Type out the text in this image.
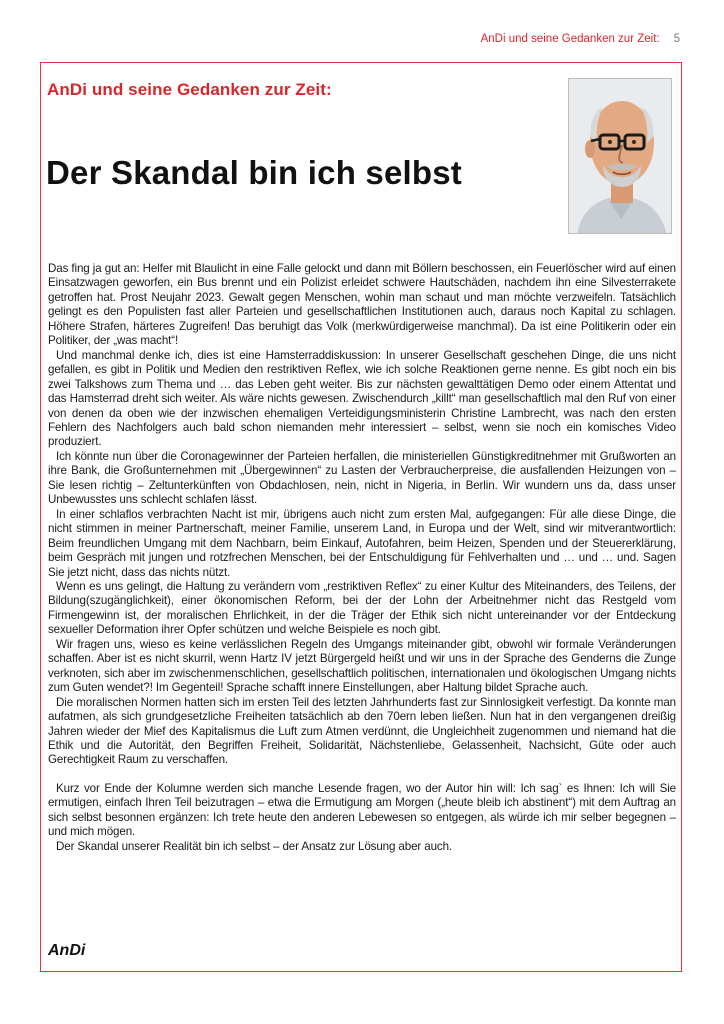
AnDi und seine Gedanken zur Zeit: 5
AnDi und seine Gedanken zur Zeit:
Der Skandal bin ich selbst

Das fing ja gut an: Helfer mit Blaulicht in eine Falle gelockt und dann mit Böllern beschossen, ein Feuerlöscher wird auf einen Einsatzwagen geworfen, ein Bus brennt und ein Polizist erleidet schwere Hautschäden, nachdem ihn eine Silvesterrakete getroffen hat. Prost Neujahr 2023. Gewalt gegen Menschen, wohin man schaut und man möchte verzweifeln. Tatsächlich gelingt es den Populisten fast aller Parteien und gesellschaftlichen Institutionen auch, daraus noch Kapital zu schlagen. Höhere Strafen, härteres Zugreifen! Das beruhigt das Volk (merkwürdigerweise manchmal). Da ist eine Politikerin oder ein Politiker, der „was macht“!

Und manchmal denke ich, dies ist eine Hamsterraddiskussion: In unserer Gesellschaft geschehen Dinge, die uns nicht gefallen, es gibt in Politik und Medien den restriktiven Reflex, wie ich solche Reaktionen gerne nenne. Es gibt noch ein bis zwei Talkshows zum Thema und … das Leben geht weiter. Bis zur nächsten gewalttätigen Demo oder einem Attentat und das Hamsterrad dreht sich weiter. Als wäre nichts gewesen. Zwischendurch „killt“ man gesellschaftlich mal den Ruf von einer von denen da oben wie der inzwischen ehemaligen Verteidigungsministerin Christine Lambrecht, was nach den ersten Fehlern des Nachfolgers auch bald schon niemanden mehr interessiert – selbst, wenn sie noch ein komisches Video produziert.

Ich könnte nun über die Coronagewinner der Parteien herfallen, die ministeriellen Günstigkreditnehmer mit Grußworten an ihre Bank, die Großunternehmen mit „Übergewinnen“ zu Lasten der Verbraucherpreise, die ausfallenden Heizungen von – Sie lesen richtig – Zeltunterkünften von Obdachlosen, nein, nicht in Nigeria, in Berlin. Wir wundern uns da, dass unser Unbewusstes uns schlecht schlafen lässt.

In einer schlaflos verbrachten Nacht ist mir, übrigens auch nicht zum ersten Mal, aufgegangen: Für alle diese Dinge, die nicht stimmen in meiner Partnerschaft, meiner Familie, unserem Land, in Europa und der Welt, sind wir mitverantwortlich: Beim freundlichen Umgang mit dem Nachbarn, beim Einkauf, Autofahren, beim Heizen, Spenden und der Steuererklärung, beim Gespräch mit jungen und rotzfrechen Menschen, bei der Entschuldigung für Fehlverhalten und … und … und. Sagen Sie jetzt nicht, dass das nichts nützt.

Wenn es uns gelingt, die Haltung zu verändern vom „restriktiven Reflex“ zu einer Kultur des Miteinanders, des Teilens, der Bildung(szugänglichkeit), einer ökonomischen Reform, bei der der Lohn der Arbeitnehmer nicht das Restgeld vom Firmengewinn ist, der moralischen Ehrlichkeit, in der die Träger der Ethik sich nicht untereinander vor der Entdeckung sexueller Deformation ihrer Opfer schützen und welche Beispiele es noch gibt.

Wir fragen uns, wieso es keine verlässlichen Regeln des Umgangs miteinander gibt, obwohl wir formale Veränderungen schaffen. Aber ist es nicht skurril, wenn Hartz IV jetzt Bürgergeld heißt und wir uns in der Sprache des Genderns die Zunge verknoten, sich aber im zwischenmenschlichen, gesellschaftlich politischen, internationalen und ökologischen Umgang nichts zum Guten wendet?! Im Gegenteil! Sprache schafft innere Einstellungen, aber Haltung bildet Sprache auch.

Die moralischen Normen hatten sich im ersten Teil des letzten Jahrhunderts fast zur Sinnlosigkeit verfestigt. Da konnte man aufatmen, als sich grundgesetzliche Freiheiten tatsächlich ab den 70ern leben ließen. Nun hat in den vergangenen dreißig Jahren wieder der Mief des Kapitalismus die Luft zum Atmen verdünnt, die Ungleichheit zugenommen und niemand hat die Ethik und die Autorität, den Begriffen Freiheit, Solidarität, Nächstenliebe, Gelassenheit, Nachsicht, Güte oder auch Gerechtigkeit Raum zu verschaffen.

Kurz vor Ende der Kolumne werden sich manche Lesende fragen, wo der Autor hin will: Ich sag` es Ihnen: Ich will Sie ermutigen, einfach Ihren Teil beizutragen – etwa die Ermutigung am Morgen („heute bleib ich abstinent“) mit dem Auftrag an sich selbst besonnen ergänzen: Ich trete heute den anderen Lebewesen so entgegen, als würde ich mir selber begegnen – und mich mögen.

Der Skandal unserer Realität bin ich selbst – der Ansatz zur Lösung aber auch.

AnDi
